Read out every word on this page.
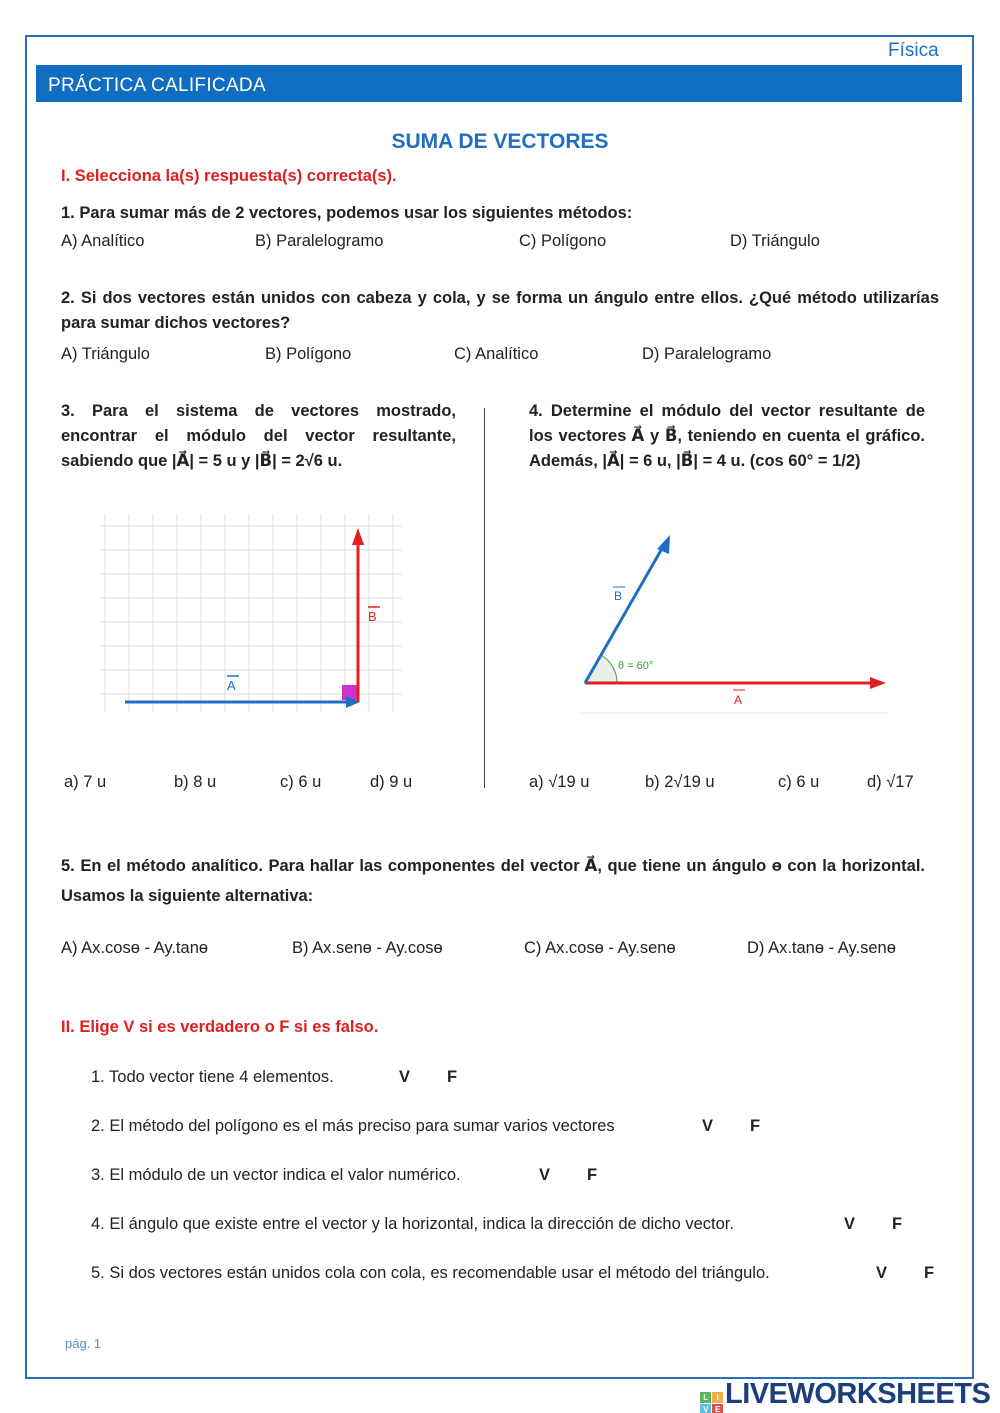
Física
PRÁCTICA CALIFICADA
SUMA DE VECTORES
I. Selecciona la(s) respuesta(s) correcta(s).
1. Para sumar más de 2 vectores, podemos usar los siguientes métodos:
A) Analítico	B) Paralelogramo	C) Polígono	D) Triángulo
2. Si dos vectores están unidos con cabeza y cola, y se forma un ángulo entre ellos. ¿Qué método utilizarías para sumar dichos vectores?
A) Triángulo	B) Polígono	C) Analítico	D) Paralelogramo
3. Para el sistema de vectores mostrado, encontrar el módulo del vector resultante, sabiendo que |A⃗| = 5 u y |B⃗| = 2√6 u.
4. Determine el módulo del vector resultante de los vectores A⃗ y B⃗, teniendo en cuenta el gráfico. Además, |A⃗| = 6 u, |B⃗| = 4 u. (cos 60° = 1/2)
A
B
θ = 60°
A
B
a) 7 u	b) 8 u	c) 6 u	d) 9 u	a) √19 u	b) 2√19 u	c) 6 u	d) √17
5. En el método analítico. Para hallar las componentes del vector A⃗, que tiene un ángulo ɵ con la horizontal. Usamos la siguiente alternativa:
A) Ax.cosɵ - Ay.tanɵ	B) Ax.senɵ - Ay.cosɵ	C) Ax.cosɵ - Ay.senɵ	D) Ax.tanɵ - Ay.senɵ
II. Elige V si es verdadero o F si es falso.
1. Todo vector tiene 4 elementos.	V F
2. El método del polígono es el más preciso para sumar varios vectores	V F
3. El módulo de un vector indica el valor numérico.	V F
4. El ángulo que existe entre el vector y la horizontal, indica la dirección de dicho vector.	V F
5. Si dos vectores están unidos cola con cola, es recomendable usar el método del triángulo.	V F
pág. 1
L	I
V E LIVEWORKSHEETS
